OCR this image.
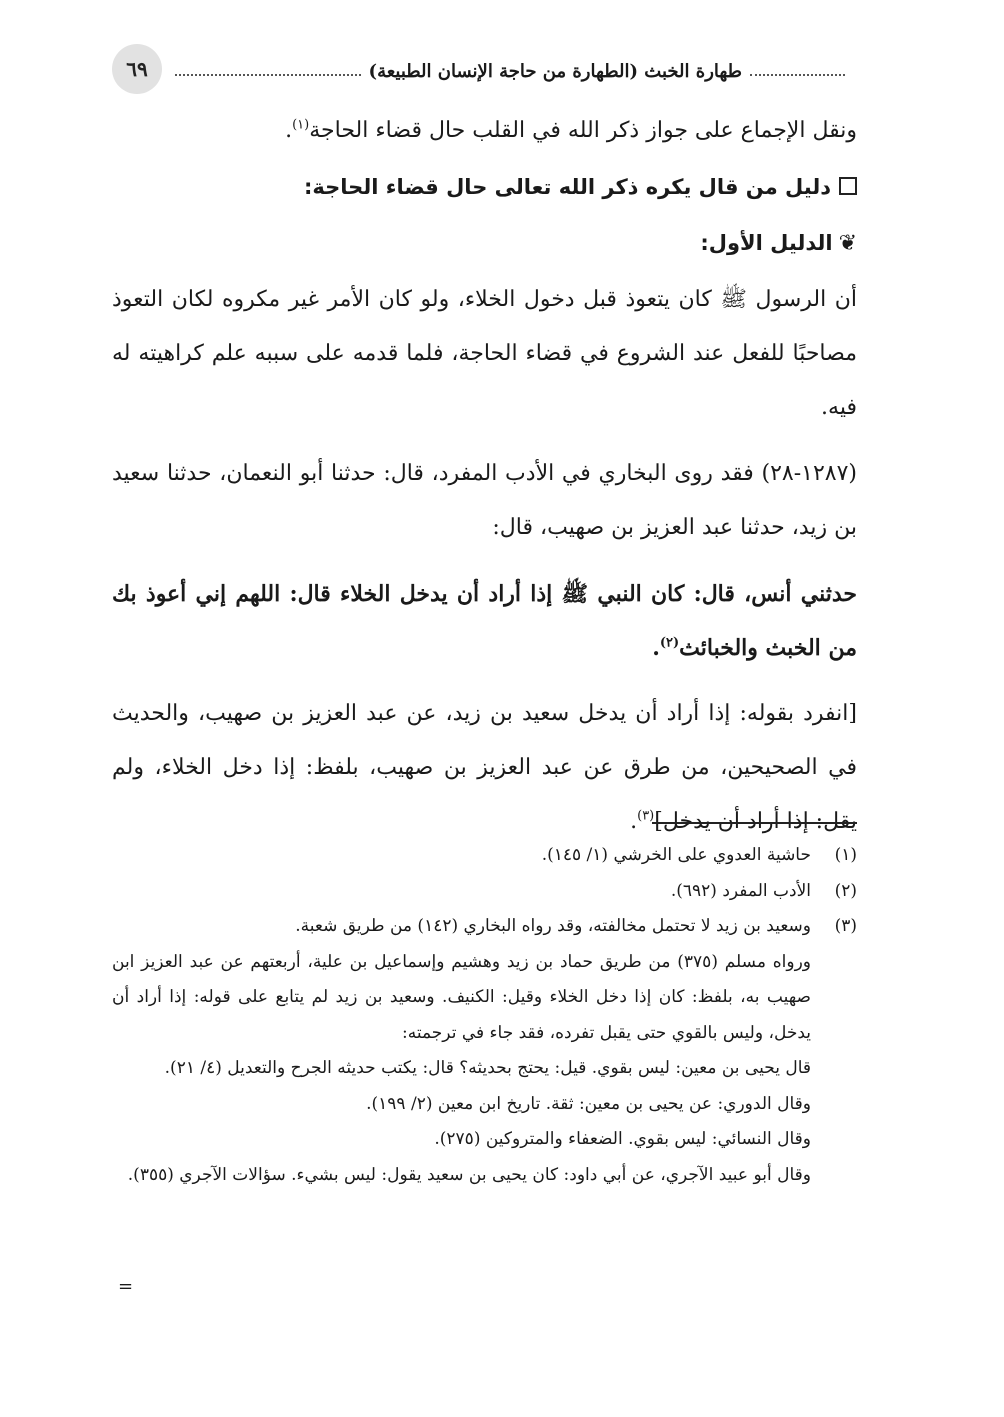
٦٩	طهارة الخبث (الطهارة من حاجة الإنسان الطبيعة)

ونقل الإجماع على جواز ذكر الله في القلب حال قضاء الحاجة$^{(١)}$.

دليل من قال يكره ذكر الله تعالى حال قضاء الحاجة:

❦الدليل الأول:

أن الرسول ﷺ كان يتعوذ قبل دخول الخلاء، ولو كان الأمر غير مكروه لكان التعوذ مصاحبًا للفعل عند الشروع في قضاء الحاجة، فلما قدمه على سببه علم كراهيته له فيه.

(١٢٨٧-٢٨) فقد روى البخاري في الأدب المفرد، قال: حدثنا أبو النعمان، حدثنا سعيد بن زيد، حدثنا عبد العزيز بن صهيب، قال:

حدثني أنس، قال: كان النبي ﷺ إذا أراد أن يدخل الخلاء قال: اللهم إني أعوذ بك من الخبث والخبائث$^{(٢)}$.

[انفرد بقوله: إذا أراد أن يدخل سعيد بن زيد، عن عبد العزيز بن صهيب، والحديث في الصحيحين، من طرق عن عبد العزيز بن صهيب، بلفظ: إذا دخل الخلاء، ولم يقل: إذا أراد أن يدخل]$^{(٣)}$.

(١)
حاشية العدوي على الخرشي (١/ ١٤٥).
(٢)
الأدب المفرد (٦٩٢).
(٣)
وسعيد بن زيد لا تحتمل مخالفته، وقد رواه البخاري (١٤٢) من طريق شعبة.
ورواه مسلم (٣٧٥) من طريق حماد بن زيد وهشيم وإسماعيل بن علية، أربعتهم عن عبد العزيز ابن صهيب به، بلفظ: كان إذا دخل الخلاء وقيل: الكنيف. وسعيد بن زيد لم يتابع على قوله: إذا أراد أن يدخل، وليس بالقوي حتى يقبل تفرده، فقد جاء في ترجمته:
قال يحيى بن معين: ليس بقوي. قيل: يحتج بحديثه؟ قال: يكتب حديثه الجرح والتعديل (٤/ ٢١).
وقال الدوري: عن يحيى بن معين: ثقة. تاريخ ابن معين (٢/ ١٩٩).
وقال النسائي: ليس بقوي. الضعفاء والمتروكين (٢٧٥).
وقال أبو عبيد الآجري، عن أبي داود: كان يحيى بن سعيد يقول: ليس بشيء. سؤالات الآجري (٣٥٥).
=
